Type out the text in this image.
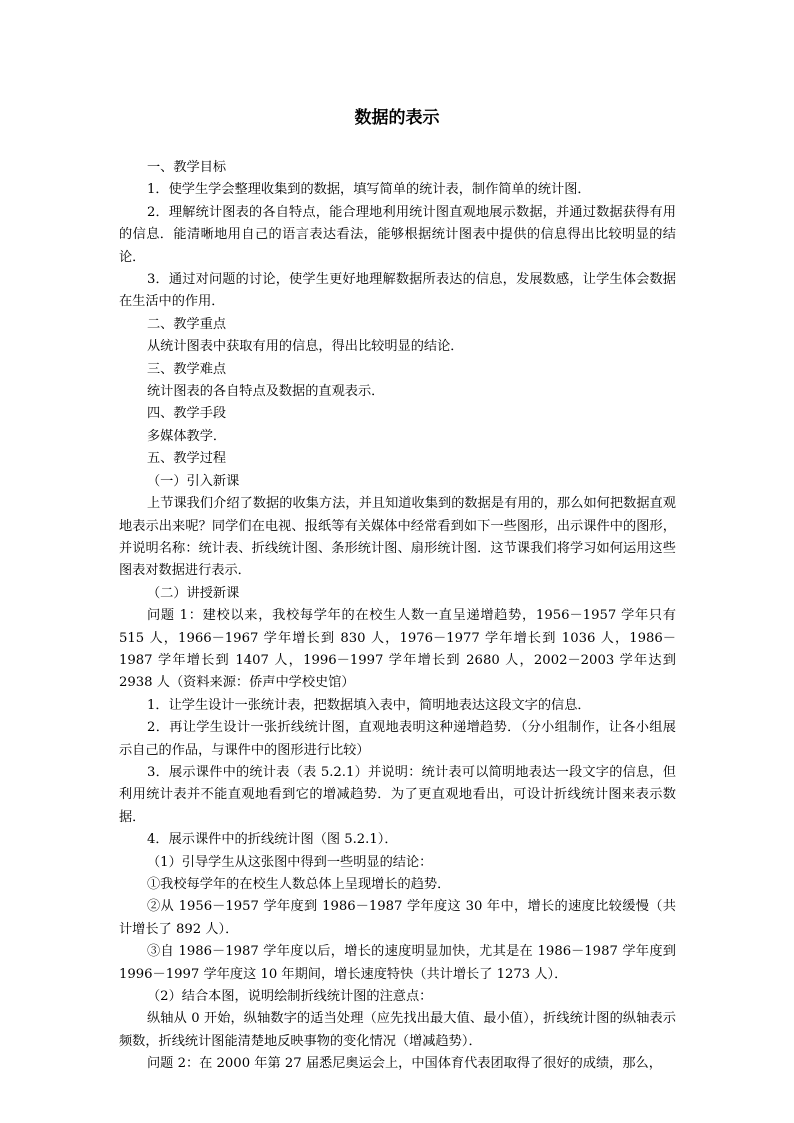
数据的表示

一、教学目标

1．使学生学会整理收集到的数据，填写简单的统计表，制作简单的统计图．

2．理解统计图表的各自特点，能合理地利用统计图直观地展示数据，并通过数据获得有用的信息．能清晰地用自己的语言表达看法，能够根据统计图表中提供的信息得出比较明显的结论．

3．通过对问题的讨论，使学生更好地理解数据所表达的信息，发展数感，让学生体会数据在生活中的作用．

二、教学重点

从统计图表中获取有用的信息，得出比较明显的结论．

三、教学难点

统计图表的各自特点及数据的直观表示．

四、教学手段

多媒体教学．

五、教学过程

（一）引入新课

上节课我们介绍了数据的收集方法，并且知道收集到的数据是有用的，那么如何把数据直观地表示出来呢？同学们在电视、报纸等有关媒体中经常看到如下一些图形，出示课件中的图形，并说明名称：统计表、折线统计图、条形统计图、扇形统计图．这节课我们将学习如何运用这些图表对数据进行表示．

（二）讲授新课

问题 1：建校以来，我校每学年的在校生人数一直呈递增趋势，1956－1957 学年只有 515 人，1966－1967 学年增长到 830 人，1976－1977 学年增长到 1036 人，1986－1987 学年增长到 1407 人，1996－1997 学年增长到 2680 人，2002－2003 学年达到 2938 人（资料来源：侨声中学校史馆）

1．让学生设计一张统计表，把数据填入表中，简明地表达这段文字的信息．

2．再让学生设计一张折线统计图，直观地表明这种递增趋势．（分小组制作，让各小组展示自己的作品，与课件中的图形进行比较）

3．展示课件中的统计表（表 5.2.1）并说明：统计表可以简明地表达一段文字的信息，但利用统计表并不能直观地看到它的增减趋势．为了更直观地看出，可设计折线统计图来表示数据．

4．展示课件中的折线统计图（图 5.2.1）．

（1）引导学生从这张图中得到一些明显的结论：

①我校每学年的在校生人数总体上呈现增长的趋势．

②从 1956－1957 学年度到 1986－1987 学年度这 30 年中，增长的速度比较缓慢（共计增长了 892 人）．

③自 1986－1987 学年度以后，增长的速度明显加快，尤其是在 1986－1987 学年度到 1996－1997 学年度这 10 年期间，增长速度特快（共计增长了 1273 人）．

（2）结合本图，说明绘制折线统计图的注意点：

纵轴从 0 开始，纵轴数字的适当处理（应先找出最大值、最小值），折线统计图的纵轴表示频数，折线统计图能清楚地反映事物的变化情况（增减趋势）．

问题 2：在 2000 年第 27 届悉尼奥运会上，中国体育代表团取得了很好的成绩，那么，
